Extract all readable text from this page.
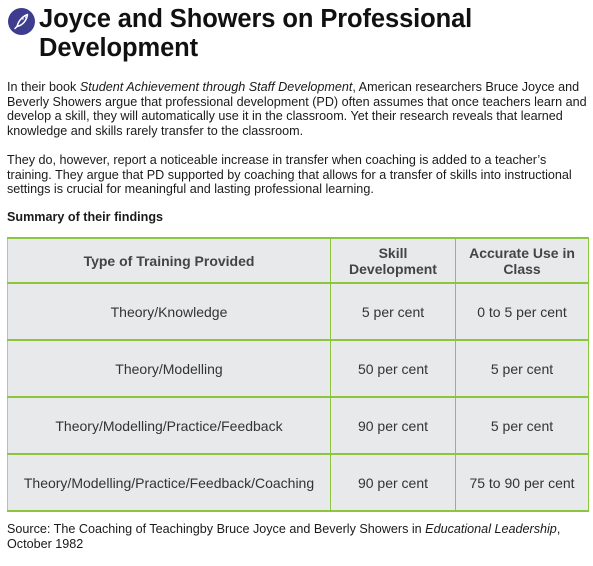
Joyce and Showers on Professional Development

In their book Student Achievement through Staff Development, American researchers Bruce Joyce and Beverly Showers argue that professional development (PD) often assumes that once teachers learn and develop a skill, they will automatically use it in the classroom. Yet their research reveals that learned knowledge and skills rarely transfer to the classroom.

They do, however, report a noticeable increase in transfer when coaching is added to a teacher’s training. They argue that PD supported by coaching that allows for a transfer of skills into instructional settings is crucial for meaningful and lasting professional learning.

Summary of their findings

Type of Training Provided	Skill Development	Accurate Use in Class
Theory/Knowledge	5 per cent	0 to 5 per cent
Theory/Modelling	50 per cent	5 per cent
Theory/Modelling/Practice/Feedback	90 per cent	5 per cent
Theory/Modelling/Practice/Feedback/Coaching	90 per cent	75 to 90 per cent

Source: The Coaching of Teachingby Bruce Joyce and Beverly Showers in Educational Leadership, October 1982
